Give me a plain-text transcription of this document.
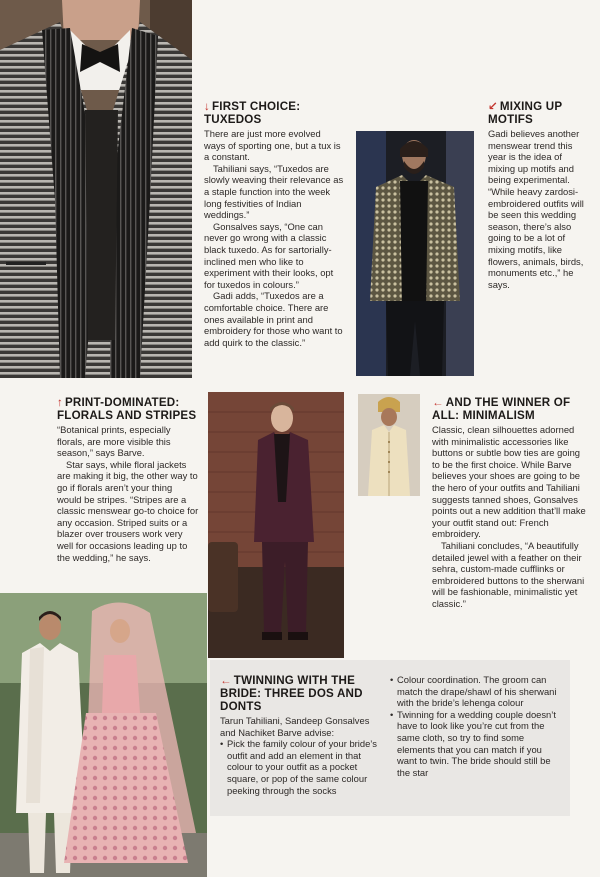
↓ FIRST CHOICE: TUXEDOS

There are just more evolved ways of sporting one, but a tux is a constant.

Tahiliani says, “Tuxedos are slowly weaving their relevance as a staple function into the week long festivities of Indian weddings.”

Gonsalves says, “One can never go wrong with a classic black tuxedo. As for sartorially-inclined men who like to experiment with their looks, opt for tuxedos in colours.”

Gadi adds, “Tuxedos are a comfortable choice. There are ones available in print and embroidery for those who want to add quirk to the classic.”

↙ MIXING UP MOTIFS

Gadi believes another menswear trend this year is the idea of mixing up motifs and being experimental. “While heavy zardosi-embroidered outfits will be seen this wedding season, there’s also going to be a lot of mixing motifs, like flowers, animals, birds, monuments etc.,” he says.

↑ PRINT-DOMINATED: FLORALS AND STRIPES

“Botanical prints, especially florals, are more visible this season,” says Barve.

Star says, while floral jackets are making it big, the other way to go if florals aren’t your thing would be stripes. “Stripes are a classic menswear go-to choice for any occasion. Striped suits or a blazer over trousers work very well for occasions leading up to the wedding,” he says.

← AND THE WINNER OF ALL: MINIMALISM

Classic, clean silhouettes adorned with minimalistic accessories like buttons or subtle bow ties are going to be the first choice. While Barve believes your shoes are going to be the hero of your outfits and Tahiliani suggests tanned shoes, Gonsalves points out a new addition that’ll make your outfit stand out: French embroidery.

Tahiliani concludes, “A beautifully detailed jewel with a feather on their sehra, custom-made cufflinks or embroidered buttons to the sherwani will be fashionable, minimalistic yet classic.”

← TWINNING WITH THE BRIDE: THREE DOS AND DONTS

Tarun Tahiliani, Sandeep Gonsalves and Nachiket Barve advise:

• Pick the family colour of your bride’s outfit and add an element in that colour to your outfit as a pocket square, or pop of the same colour peeking through the socks

• Colour coordination. The groom can match the drape/shawl of his sherwani with the bride’s lehenga colour

• Twinning for a wedding couple doesn’t have to look like you’re cut from the same cloth, so try to find some elements that you can match if you want to twin. The bride should still be the star
